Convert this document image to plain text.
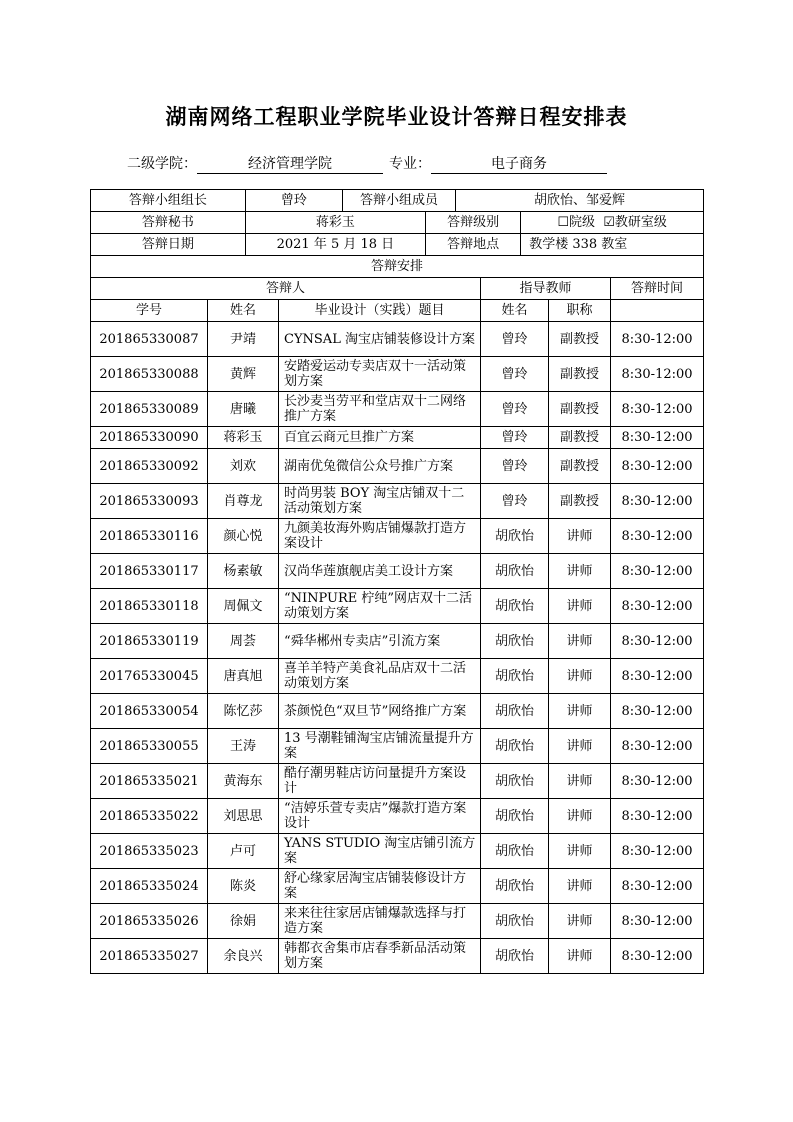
湖南网络工程职业学院毕业设计答辩日程安排表
二级学院：	经济管理学院	专业：	电子商务
答辩小组组长	曾玲	答辩小组成员	胡欣怡、邹爱辉

答辩秘书	蒋彩玉	答辩级别	☐院级 ☑教研室级

答辩日期	2021 年 5 月 18 日	答辩地点	教学楼 338 教室

答辩安排
答辩人	指导教师	答辩时间
学号	姓名	毕业设计（实践）题目	姓名	职称	
201865330087	尹靖	CYNSAL 淘宝店铺装修设计方案	曾玲	副教授	8:30-12:00
201865330088	黄辉	安踏爱运动专卖店双十一活动策划方案	曾玲	副教授	8:30-12:00
201865330089	唐曦	长沙麦当劳平和堂店双十二网络推广方案	曾玲	副教授	8:30-12:00
201865330090	蒋彩玉	百宜云商元旦推广方案	曾玲	副教授	8:30-12:00
201865330092	刘欢	湖南优兔微信公众号推广方案	曾玲	副教授	8:30-12:00
201865330093	肖尊龙	时尚男装 BOY 淘宝店铺双十二活动策划方案	曾玲	副教授	8:30-12:00
201865330116	颜心悦	九颜美妆海外购店铺爆款打造方案设计	胡欣怡	讲师	8:30-12:00
201865330117	杨素敏	汉尚华莲旗舰店美工设计方案	胡欣怡	讲师	8:30-12:00
201865330118	周佩文	“NINPURE 柠纯”网店双十二活动策划方案	胡欣怡	讲师	8:30-12:00
201865330119	周荟	“舜华郴州专卖店”引流方案	胡欣怡	讲师	8:30-12:00
201765330045	唐真旭	喜羊羊特产美食礼品店双十二活动策划方案	胡欣怡	讲师	8:30-12:00
201865330054	陈忆莎	茶颜悦色“双旦节”网络推广方案	胡欣怡	讲师	8:30-12:00
201865330055	王涛	13 号潮鞋铺淘宝店铺流量提升方案	胡欣怡	讲师	8:30-12:00
201865335021	黄海东	酷仔潮男鞋店访问量提升方案设计	胡欣怡	讲师	8:30-12:00
201865335022	刘思思	“洁婷乐萱专卖店”爆款打造方案设计	胡欣怡	讲师	8:30-12:00
201865335023	卢可	YANS STUDIO 淘宝店铺引流方案	胡欣怡	讲师	8:30-12:00
201865335024	陈炎	舒心缘家居淘宝店铺装修设计方案	胡欣怡	讲师	8:30-12:00
201865335026	徐娟	来来往往家居店铺爆款选择与打造方案	胡欣怡	讲师	8:30-12:00
201865335027	余良兴	韩都衣舍集市店春季新品活动策划方案	胡欣怡	讲师	8:30-12:00
